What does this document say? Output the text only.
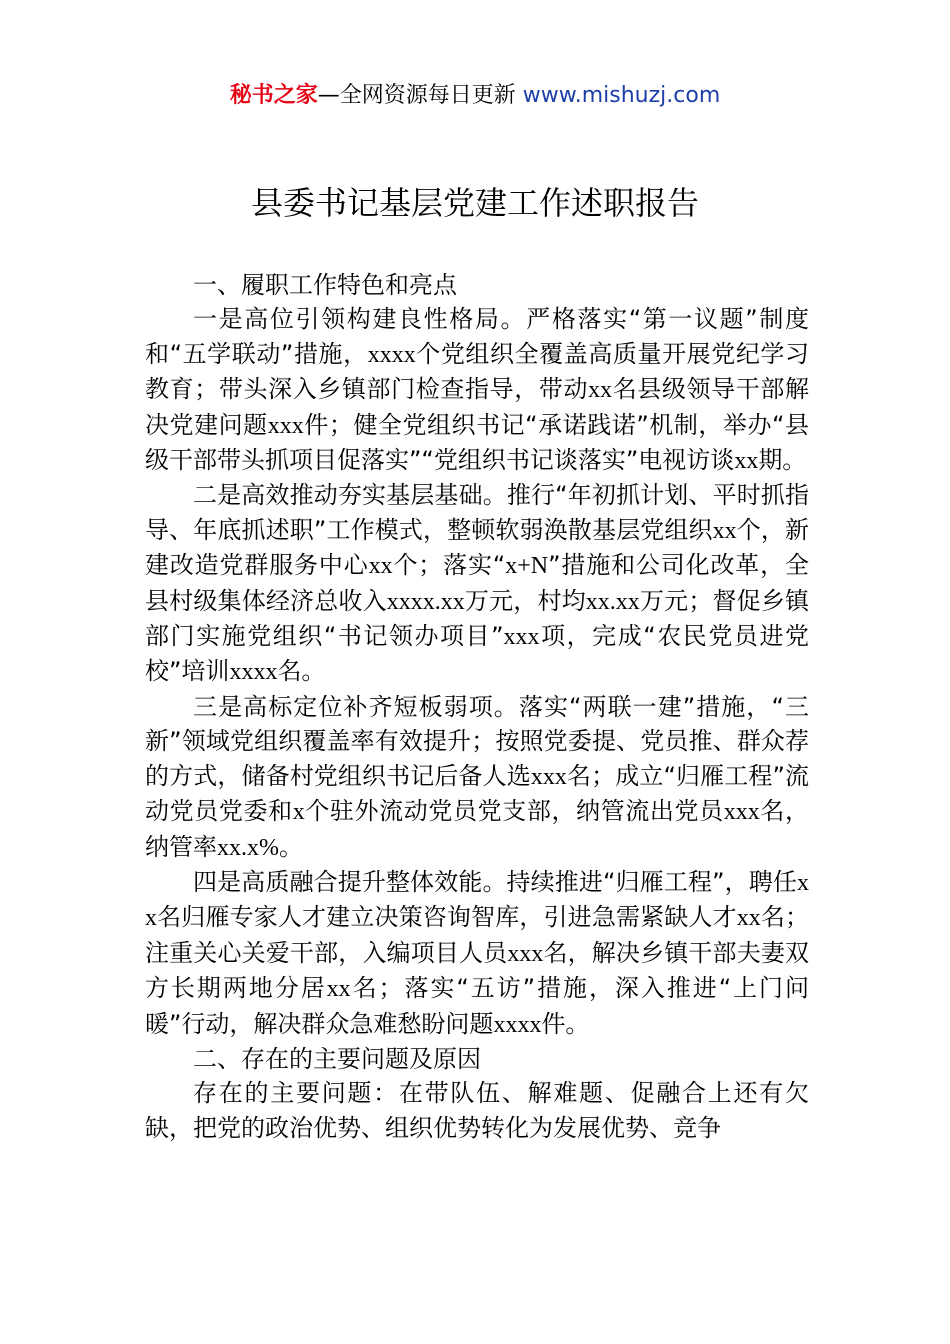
秘书之家—全网资源每日更新 www.mishuzj.com
县委书记基层党建工作述职报告

一、履职工作特色和亮点

一是高位引领构建良性格局。严格落实“第一议题”制度和“五学联动”措施，xxxx个党组织全覆盖高质量开展党纪学习教育；带头深入乡镇部门检查指导，带动xx名县级领导干部解决党建问题xxx件；健全党组织书记“承诺践诺”机制，举办“县级干部带头抓项目促落实”“党组织书记谈落实”电视访谈xx期。

二是高效推动夯实基层基础。推行“年初抓计划、平时抓指导、年底抓述职”工作模式，整顿软弱涣散基层党组织xx个，新建改造党群服务中心xx个；落实“x+N”措施和公司化改革，全县村级集体经济总收入xxxx.xx万元，村均xx.xx万元；督促乡镇部门实施党组织“书记领办项目”xxx项，完成“农民党员进党校”培训xxxx名。

三是高标定位补齐短板弱项。落实“两联一建”措施，“三新”领域党组织覆盖率有效提升；按照党委提、党员推、群众荐的方式，储备村党组织书记后备人选xxx名；成立“归雁工程”流动党员党委和x个驻外流动党员党支部，纳管流出党员xxx名，纳管率xx.x%。

四是高质融合提升整体效能。持续推进“归雁工程”，聘任xx名归雁专家人才建立决策咨询智库，引进急需紧缺人才xx名；注重关心关爱干部，入编项目人员xxx名，解决乡镇干部夫妻双方长期两地分居xx名；落实“五访”措施，深入推进“上门问暖”行动，解决群众急难愁盼问题xxxx件。

二、存在的主要问题及原因

存在的主要问题：在带队伍、解难题、促融合上还有欠缺，把党的政治优势、组织优势转化为发展优势、竞争
